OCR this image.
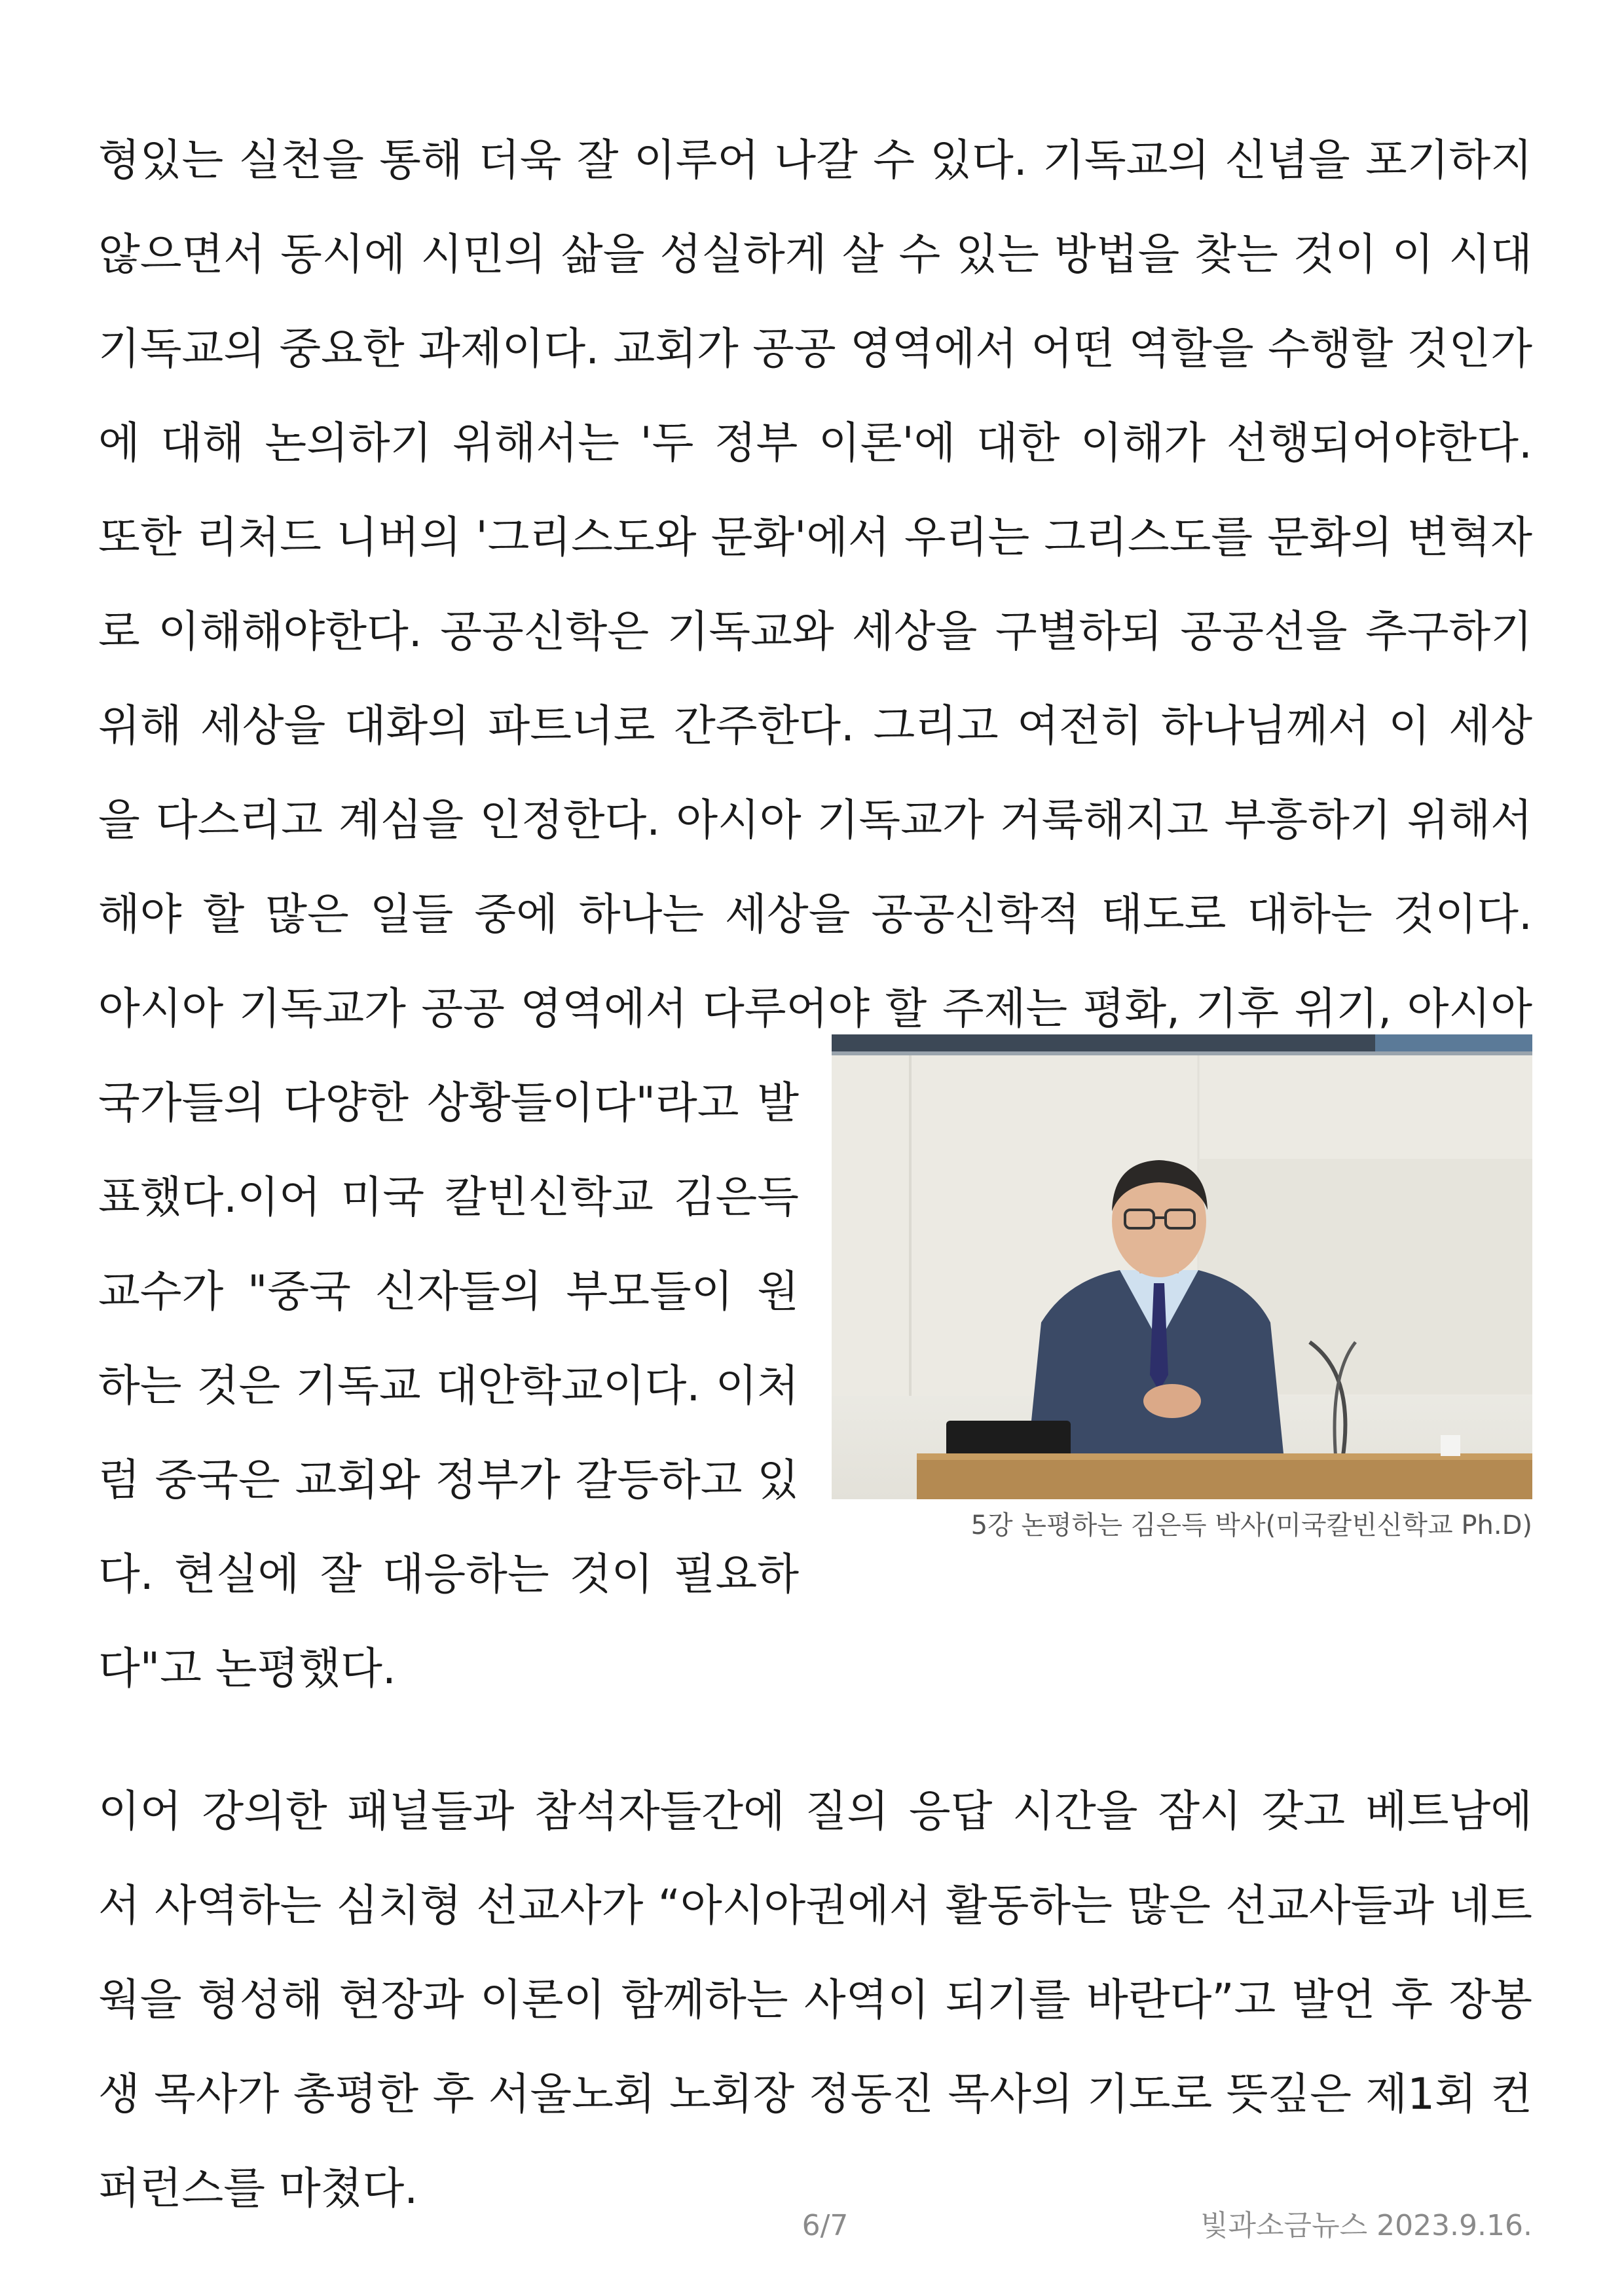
형있는 실천을 통해 더욱 잘 이루어 나갈 수 있다. 기독교의 신념을 포기하지
않으면서 동시에 시민의 삶을 성실하게 살 수 있는 방법을 찾는 것이 이 시대
기독교의 중요한 과제이다. 교회가 공공 영역에서 어떤 역할을 수행할 것인가
에 대해 논의하기 위해서는 '두 정부 이론'에 대한 이해가 선행되어야한다.
또한 리처드 니버의 '그리스도와 문화'에서 우리는 그리스도를 문화의 변혁자
로 이해해야한다. 공공신학은 기독교와 세상을 구별하되 공공선을 추구하기
위해 세상을 대화의 파트너로 간주한다. 그리고 여전히 하나님께서 이 세상
을 다스리고 계심을 인정한다. 아시아 기독교가 거룩해지고 부흥하기 위해서
해야 할 많은 일들 중에 하나는 세상을 공공신학적 태도로 대하는 것이다.
아시아 기독교가 공공 영역에서 다루어야 할 주제는 평화, 기후 위기, 아시아
국가들의 다양한 상황들이다"라고 발
표했다.이어 미국 칼빈신학교 김은득
교수가 "중국 신자들의 부모들이 원
하는 것은 기독교 대안학교이다. 이처
럼 중국은 교회와 정부가 갈등하고 있
다. 현실에 잘 대응하는 것이 필요하
다"고 논평했다.
5강 논평하는 김은득 박사(미국칼빈신학교 Ph.D)
이어 강의한 패널들과 참석자들간에 질의 응답 시간을 잠시 갖고 베트남에
서 사역하는 심치형 선교사가 “아시아권에서 활동하는 많은 선교사들과 네트
웍을 형성해 현장과 이론이 함께하는 사역이 되기를 바란다”고 발언 후 장봉
생 목사가 총평한 후 서울노회 노회장 정동진 목사의 기도로 뜻깊은 제1회 컨
퍼런스를 마쳤다.
6/7	빛과소금뉴스 2023.9.16.
